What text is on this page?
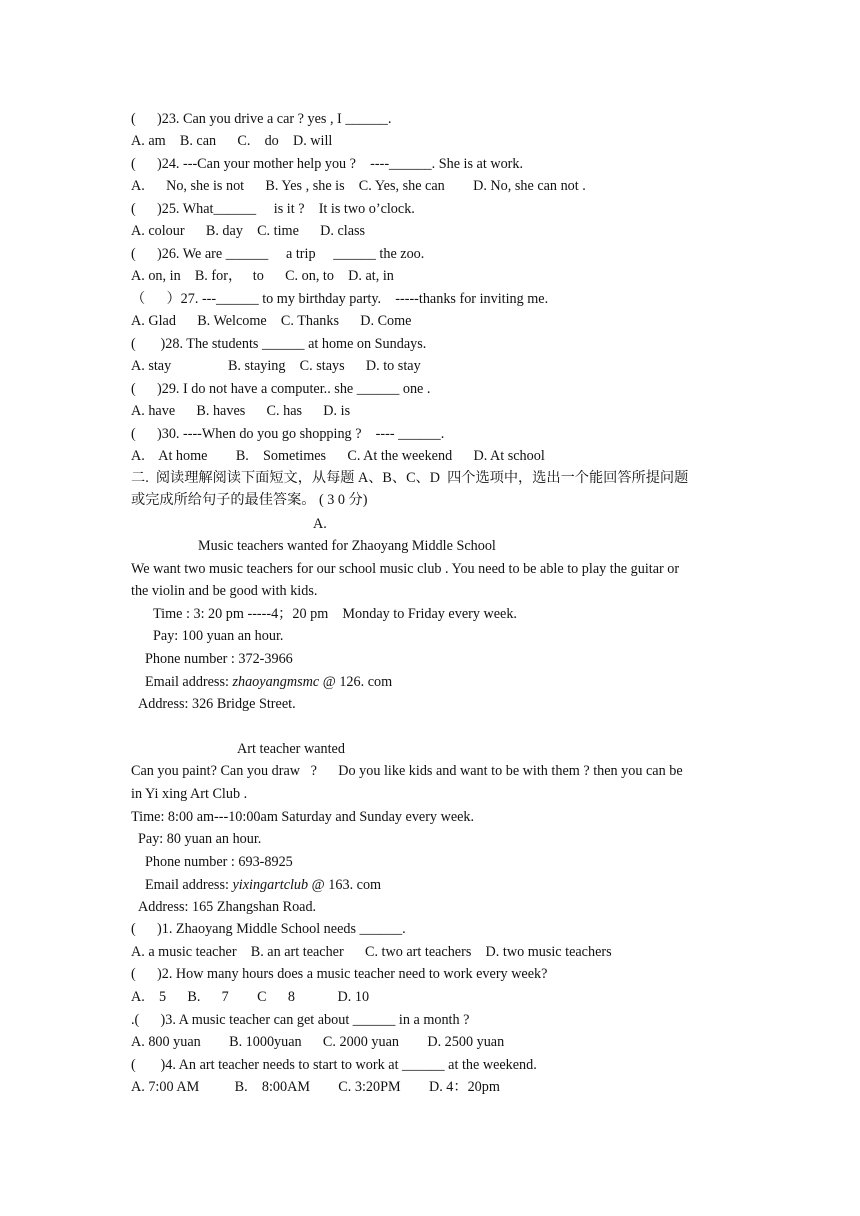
(      )23. Can you drive a car ? yes , I ______.
A. am    B. can      C.    do    D. will
(      )24. ---Can your mother help you ?    ----______. She is at work.
A.      No, she is not      B. Yes , she is    C. Yes, she can        D. No, she can not .
(      )25. What______     is it ?    It is two o’clock.
A. colour      B. day    C. time      D. class
(      )26. We are ______     a trip     ______ the zoo.
A. on, in    B. for，   to      C. on, to    D. at, in
（      ）27. ---______ to my birthday party.    -----thanks for inviting me.
A. Glad      B. Welcome    C. Thanks      D. Come
(       )28. The students ______ at home on Sundays.
A. stay                B. staying    C. stays      D. to stay
(      )29. I do not have a computer.. she ______ one .
A. have      B. haves      C. has      D. is
(      )30. ----When do you go shopping ?    ---- ______.
A.    At home        B.    Sometimes      C. At the weekend      D. At school
二.  阅读理解阅读下面短文，从每题 A、B、C、D  四个选项中，选出一个能回答所提问题
或完成所给句子的最佳答案。 ( 3 0 分)
A.
Music teachers wanted for Zhaoyang Middle School
We want two music teachers for our school music club . You need to be able to play the guitar or
the violin and be good with kids.
Time : 3: 20 pm -----4；20 pm    Monday to Friday every week.
Pay: 100 yuan an hour.
Phone number : 372-3966
Email address: zhaoyangmsmc @ 126. com
Address: 326 Bridge Street.
Art teacher wanted
Can you paint? Can you draw   ?      Do you like kids and want to be with them ? then you can be
in Yi xing Art Club .
Time: 8:00 am---10:00am Saturday and Sunday every week.
Pay: 80 yuan an hour.
Phone number : 693-8925
Email address: yixingartclub @ 163. com
Address: 165 Zhangshan Road.
(      )1. Zhaoyang Middle School needs ______.
A. a music teacher    B. an art teacher      C. two art teachers    D. two music teachers
(      )2. How many hours does a music teacher need to work every week?
A.    5      B.      7        C      8            D. 10
.(      )3. A music teacher can get about ______ in a month ?
A. 800 yuan        B. 1000yuan      C. 2000 yuan        D. 2500 yuan
(       )4. An art teacher needs to start to work at ______ at the weekend.
A. 7:00 AM          B.    8:00AM        C. 3:20PM        D. 4：20pm
